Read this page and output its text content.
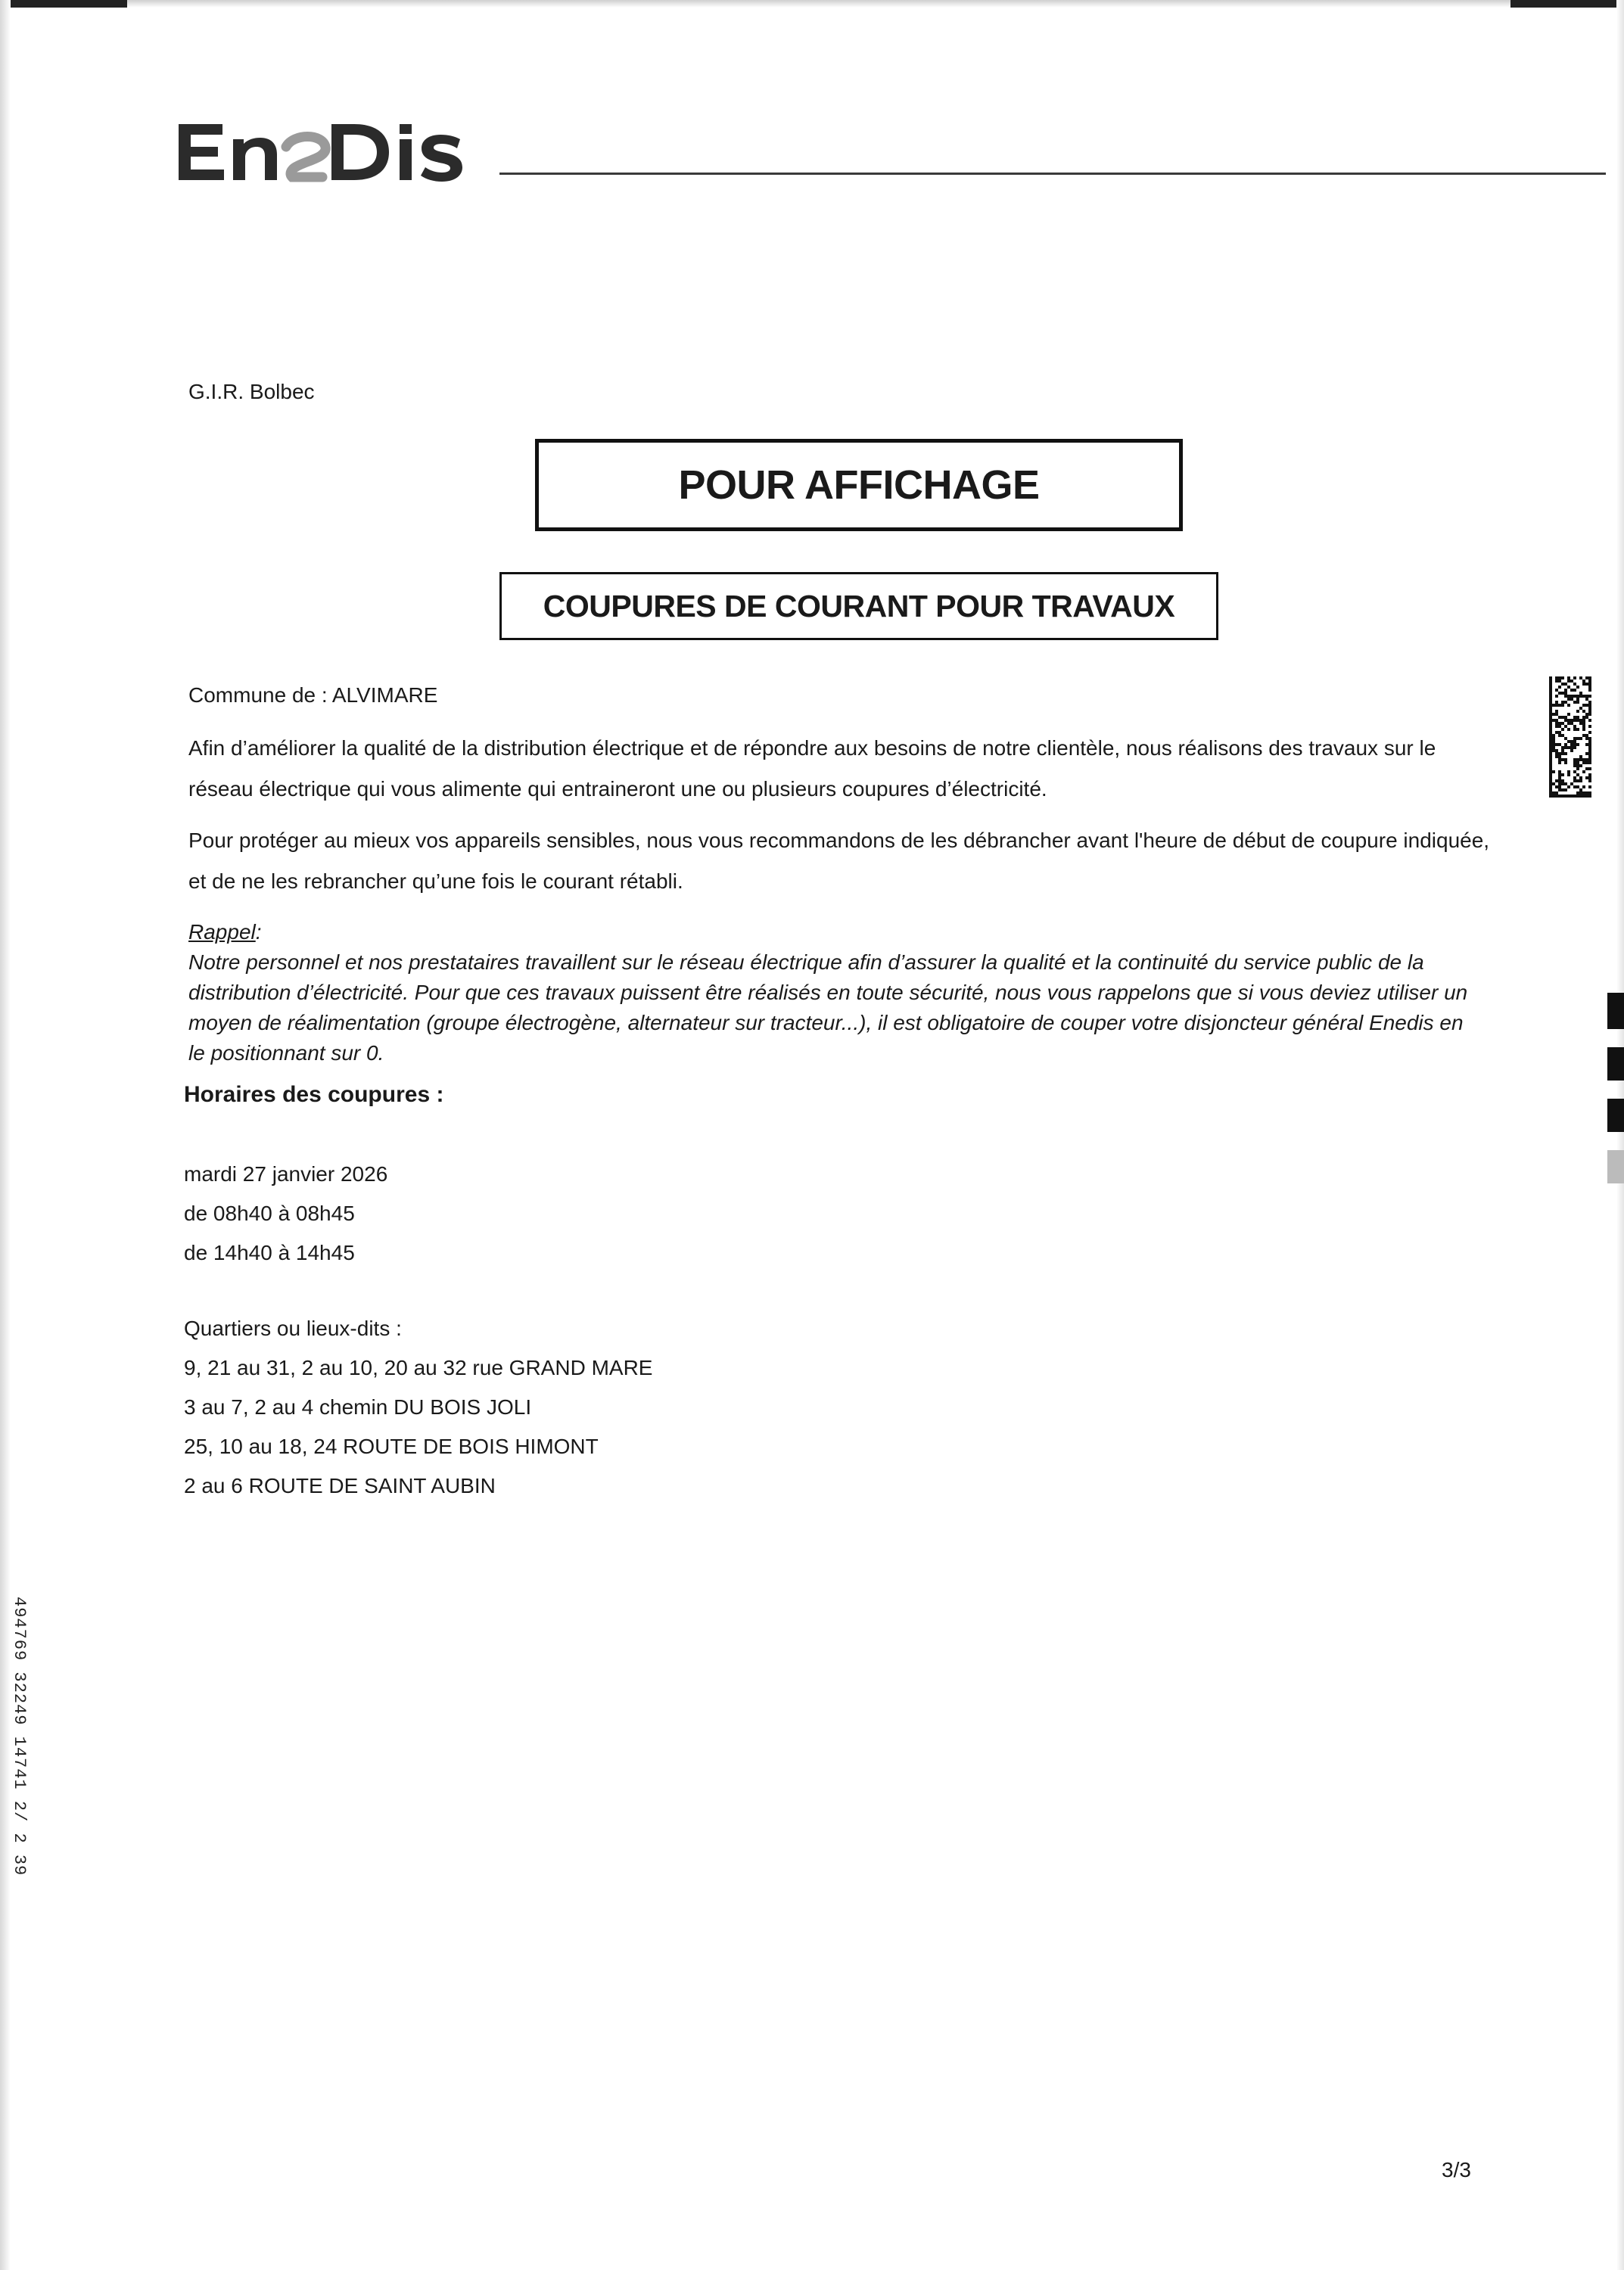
G.I.R. Bolbec
POUR AFFICHAGE
COUPURES DE COURANT POUR TRAVAUX
Commune de : ALVIMARE
Afin d’améliorer la qualité de la distribution électrique et de répondre aux besoins de notre clientèle, nous réalisons des travaux sur le réseau électrique qui vous alimente qui entraineront une ou plusieurs coupures d’électricité.
Pour protéger au mieux vos appareils sensibles, nous vous recommandons de les débrancher avant l'heure de début de coupure indiquée, et de ne les rebrancher qu’une fois le courant rétabli.
Rappel:
Notre personnel et nos prestataires travaillent sur le réseau électrique afin d’assurer la qualité et la continuité du service public de la distribution d’électricité. Pour que ces travaux puissent être réalisés en toute sécurité, nous vous rappelons que si vous deviez utiliser un moyen de réalimentation (groupe électrogène, alternateur sur tracteur...), il est obligatoire de couper votre disjoncteur général Enedis en le positionnant sur 0.
Horaires des coupures :
mardi 27 janvier 2026
de 08h40 à 08h45
de 14h40 à 14h45
Quartiers ou lieux-dits :
9, 21 au 31, 2 au 10, 20 au 32 rue GRAND MARE
3 au 7, 2 au 4 chemin DU BOIS JOLI
25, 10 au 18, 24 ROUTE DE BOIS HIMONT
2 au 6 ROUTE DE SAINT AUBIN
494769 32249 14741 2/ 2 39
3/3
